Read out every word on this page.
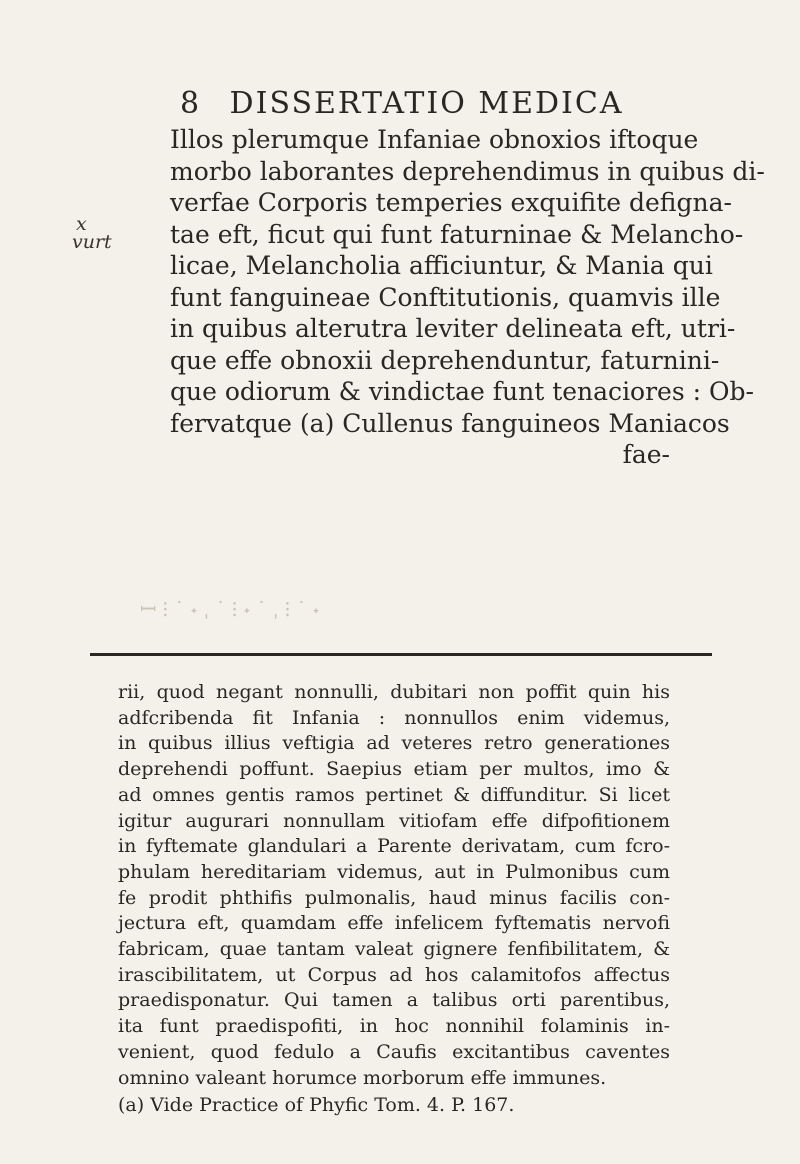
8 DISSERTATIO MEDICA
x
vurt
Illos plerumque Infaniae obnoxios iftoque
morbo laborantes deprehendimus in quibus di-
verfae Corporis temperies exquifite defigna-
tae eft, ficut qui funt faturninae & Melancho-
licae, Melancholia afficiuntur, & Mania qui
funt fanguineae Conftitutionis, quamvis ille
in quibus alterutra leviter delineata eft, utri-
que effe obnoxii deprehenduntur, faturnini-
que odiorum & vindictae funt tenaciores : Ob-
fervatque (a) Cullenus fanguineos Maniacos
fae-
ꟷ͏ ⁝ ˙ ˖ ˌ ˙ ⁝ ˖ ˙ ˌ ⁝ ˙ ˖
rii, quod negant nonnulli, dubitari non poffit quin his
adfcribenda fit Infania : nonnullos enim videmus,
in quibus illius veftigia ad veteres retro generationes
deprehendi poffunt. Saepius etiam per multos, imo &
ad omnes gentis ramos pertinet & diffunditur. Si licet
igitur augurari nonnullam vitiofam effe difpofitionem
in fyftemate glandulari a Parente derivatam, cum fcro-
phulam hereditariam videmus, aut in Pulmonibus cum
fe prodit phthifis pulmonalis, haud minus facilis con-
jectura eft, quamdam effe infelicem fyftematis nervofi
fabricam, quae tantam valeat gignere fenfibilitatem, &
irascibilitatem, ut Corpus ad hos calamitofos affectus
praedisponatur. Qui tamen a talibus orti parentibus,
ita funt praedispofiti, in hoc nonnihil folaminis in-
venient, quod fedulo a Caufis excitantibus caventes
omnino valeant horumce morborum effe immunes.
(a) Vide Practice of Phyfic Tom. 4. P. 167.
